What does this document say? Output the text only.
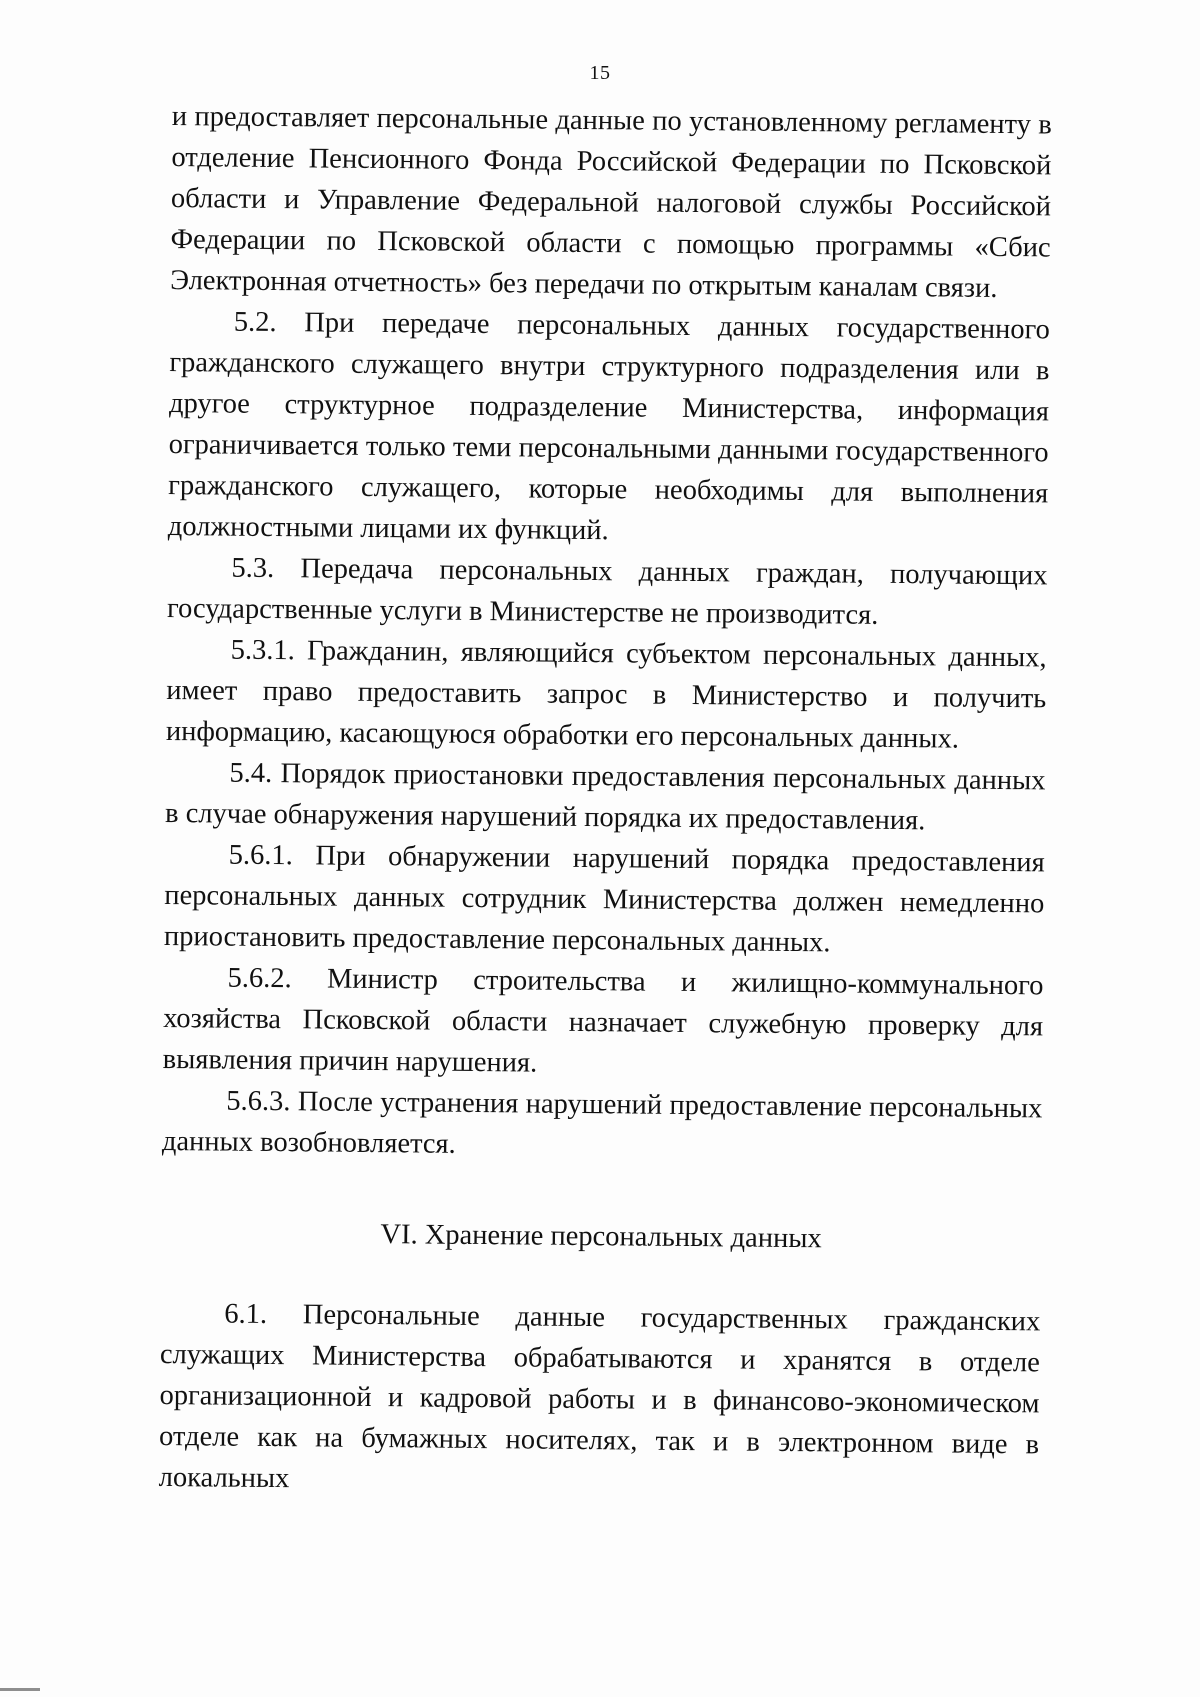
15

и предоставляет персональные данные по установленному регламенту в отделение Пенсионного Фонда Российской Федерации по Псковской области и Управление Федеральной налоговой службы Российской Федерации по Псковской области с помощью программы «Сбис Электронная отчетность» без передачи по открытым каналам связи.

5.2. При передаче персональных данных государственного гражданского служащего внутри структурного подразделения или в другое структурное подразделение Министерства, информация ограничивается только теми персональными данными государственного гражданского служащего, которые необходимы для выполнения должностными лицами их функций.

5.3. Передача персональных данных граждан, получающих государственные услуги в Министерстве не производится.

5.3.1. Гражданин, являющийся субъектом персональных данных, имеет право предоставить запрос в Министерство и получить информацию, касающуюся обработки его персональных данных.

5.4. Порядок приостановки предоставления персональных данных в случае обнаружения нарушений порядка их предоставления.

5.6.1. При обнаружении нарушений порядка предоставления персональных данных сотрудник Министерства должен немедленно приостановить предоставление персональных данных.

5.6.2. Министр строительства и жилищно-коммунального хозяйства Псковской области назначает служебную проверку для выявления причин нарушения.

5.6.3. После устранения нарушений предоставление персональных данных возобновляется.

VI. Хранение персональных данных

6.1. Персональные данные государственных гражданских служащих Министерства обрабатываются и хранятся в отделе организационной и кадровой работы и в финансово-экономическом отделе как на бумажных носителях, так и в электронном виде в локальных
